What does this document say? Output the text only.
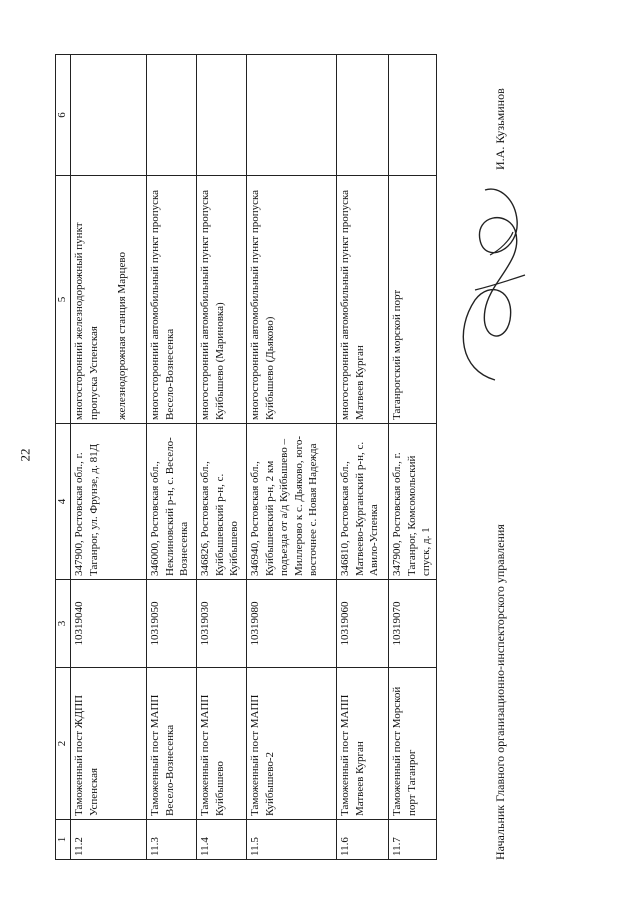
22
1	2	3	4	5	6
11.2	Таможенный пост ЖДПП Успенская	10319040	347900, Ростовская обл., г. Таганрог, ул. Фрунзе, д. 81Д	многосторонний железнодорожный пункт пропуска Успенская железнодорожная станция Марцево	

11.3	Таможенный пост МАПП Весело-Вознесенка	10319050	346000, Ростовская обл., Неклиновский р-н, с. Весело-Вознесенка	многосторонний автомобильный пункт пропуска Весело-Вознесенка	
11.4	Таможенный пост МАПП Куйбышево	10319030	346826, Ростовская обл., Куйбышевский р-н, с. Куйбышево	многосторонний автомобильный пункт пропуска Куйбышево (Мариновка)	
11.5	Таможенный пост МАПП Куйбышево-2	10319080	346940, Ростовская обл., Куйбышевский р-н, 2 км подъезда от а/д Куйбышево – Миллерово к с. Дьяково, юго-восточнее с. Новая Надежда	многосторонний автомобильный пункт пропуска Куйбышево (Дьяково)	
11.6	Таможенный пост МАПП Матвеев Курган	10319060	346810, Ростовская обл., Матвеево-Курганский р-н, с. Авило-Успенка	многосторонний автомобильный пункт пропуска Матвеев Курган	
11.7	Таможенный пост Морской порт Таганрог	10319070	347900, Ростовская обл., г. Таганрог, Комсомольский спуск, д. 1	Таганрогский морской порт	
Начальник Главного организационно-инспекторского управления
И.А. Кузьминов
